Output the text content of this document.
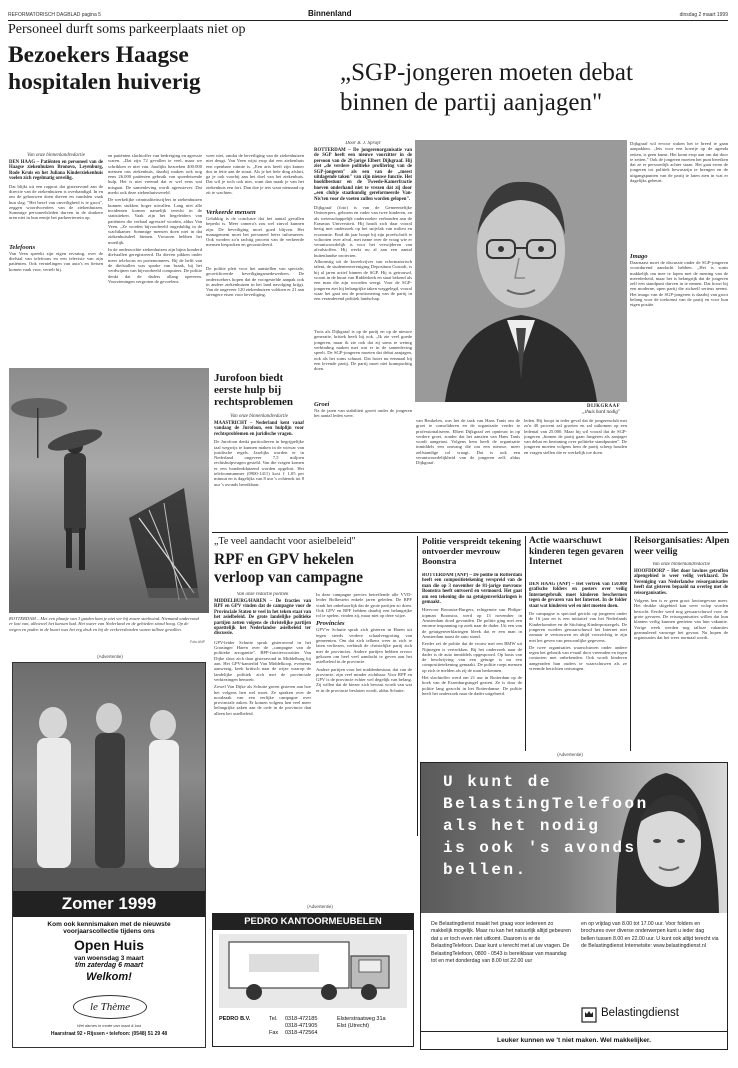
REFORMATORISCH DAGBLAD pagina 5	Binnenland	dinsdag 2 maart 1999
Personeel durft soms parkeerplaats niet op
Bezoekers Haagse
hospitalen huiverig
Van onze binnenlandredactie
DEN HAAG – Patiënten en personeel van de Haagse ziekenhuizen Bronovo, Leyenburg, Rode Kruis en het Juliana Kinderziekenhuis voelen zich regelmatig onveilig.
Dat blijkt uit een rapport dat gisteravond aan de directie van de ziekenhuizen is overhandigd. In en om de gebouwen doen dieven en vandalen vaak hun slag. "Het besef van onveiligheid is te groot", zeggen woordvoerders van de ziekenhuizen. Sommige personeelsleden durven in de donkere uren niet in hun eentje het parkeerterrein op.
Telefoons
Van Veen spreekt zijn eigen ervaring, over de diefstal van telefoons en een televisie van zijn patiënten. Ook vernielingen van auto's en fietsen komen vaak voor, vertelt hij.
en patiënten slachtoffer van bedreiging en agressie waren. „Dat zijn 72 gevallen te veel, maar we schrikken er niet van. Jaarlijks bezoeken 400.000 mensen ons ziekenhuis, daarbij maken ook nog eens 26.000 patiënten gebruik van spoedeisende hulp. Het is niet vreemd dat er wel eens wat misgaat. De samenleving wordt agressiever. Dat merkt ook deze ziekenhuiswereld.
De werkelijke criminaliteitscijfers in ziekenhuizen kunnen stukken hoger uitvallen. Lang niet alle incidenten komen namelijk terecht in de statistieken. Vaak zijn het begeleiders van patiënten die verbaal agressief worden, aldus Van Veen. „Ze worden bijvoorbeeld ongeduldig in de wachtkamer. Sommige mensen doen niet in dat ziekenhuisdeel binnen. Vrouwen hebben het moeilijk.
In de onderzochte ziekenhuizen zijn bijna honderd diefstallen geregistreerd. Da dieven pikken onder meer telefoons en portemonnees. Bij de helft van de diefstallen was sprake van braak, bij het verdwijnen van bijvoorbeeld computers. De politie denkt dat de daders allang opereren. Voorzieningen vergroten de gevoelens.
weer niet, omdat de beveiliging van de ziekenhuizen niet deugt. Van Veen wijst erop dat een ziekenhuis een openbare ruimte is. „Een arts heeft zijn kamer dus in feite aan de straat. Als je het hele ding afsluit, ga je ook voorbij aan het doel van het ziekenhuis. Dat wil je toch ook niet, want dan maak je van het ziekenhuis een fort. Dan doe je iets waar niemand op zit te wachten.
Verkeerde mensen
Gelukkig is de conclusie dat het aantal gevallen beperkt is. Meer camera's zou wel zinvol kunnen zijn. De beveiliging moet goed blijven. Het management moet het personeel beter informeren. Ook worden zo'n tachtig procent van de verkeerde mensen besproken en gecontroleerd.
De politie pleit voor het aanstellen van speciale, gecertificeerde beveiligingsmedewerkers. De onderzoekers hopen dat de voorgestelde aanpak ook in andere ziekenhuizen in het land navolging krijgt. Van de ongeveer 120 ziekenhuizen voldoen er 21 aan strengere eisen voor beveiliging.
ROTTERDAM – Met een plaatje van 3 guiden kom je niet ver bij zware sterkwind. Niemand ondervond er last van, alhoewel het kansen had. Het water van Nederland en de gebieden stond hoog. Op de wegen en paden in de buurt was het erg druk en bij de verkeersborden waren talloze gevallen.
Foto ANP
Jurofoon biedt eerste hulp bij rechtsproblemen
Van onze binnenlandredactie
MAASTRICHT – Nederland kent vanaf vandaag de Jurofoon, een hulplijn voor rechtsproblemen en juridische vragen.
De Jurofoon denkt particulieren in begrijpelijke taal wegwijs te kunnen maken in de wirwar van juridische regels. Jaarlijks worden er in Nederland ongeveer 7,5 miljoen rechtshulpvragen gesteld. Van die vragen komen er een honderdduizend worden opgelost. Het telefoonnummer (0900-1411) kost ƒ 1,05 per minuut en is dagelijks van 8 uur 's ochtends tot 8 uur 's avonds bereikbaar.
„SGP-jongeren moeten debat
binnen de partij aanjagen"
Door B. J. Spruyt
ROTTERDAM – De jongerenorganisatie van de SGP heeft een nieuwe voorzitter in de persoon van de 29-jarige Elbert Dijkgraaf. Hij ziet „de verdere politieke profilering van de SGP-jongeren" als een van de „meest uitdagende taken" van zijn nieuwe functie. Het hoofdbestuur en de Tweede-Kamerfractie hoeven onderhand niet te vrezen dat zij door „een clubje staatkundig gereformeerde Van-Nis'ten voor de voeten zullen worden gelopen".
Dijkgraaf (foto) is van de Gemeentelijke Ontwerpers, geboren en vader van twee kinderen, en als wetenschappelijk onderzoeker verbonden aan de Erasmus Universiteit. Hij houdt zich daar vooral bezig met onderzoek op het snijvlak van milieu en economie. Eind dit jaar hoopt hij zijn proefschrift te voltooien over afval, met name over de vraag wie er verantwoordelijk is voor het verwijderen van afvalstoffen. Hij werkt nu al aan een aantal buitenlandse projecten.
Afkomstig uit de kweekvijver van reformatorisch talent, de studentenvereniging Depositum Custodi, is hij al jaren actief binnen de SGP. Hij is getrouwd, woont in de buurt van Ridderkerk en staat bekend als een man die zijn woorden weegt. Voor de SGP-jongeren ziet hij belangrijke taken weggelegd, vooral waar het gaat om de positionering van de partij in een veranderend politiek landschap.
Trots als Dijkgraaf is op de partij en op de nieuwe generatie, kritiek heeft hij ook. „Ik zie veel goede jongeren, maar ik zie ook dat zij soms te weinig verbinding maken met wat er in de samenleving speelt. De SGP-jongeren moeten dat debat aanjagen, ook als het soms schuurt. Dat hoort nu eenmaal bij een levende partij. De partij moet niet krampachtig doen.
Groei
Na de jaren van stabiliteit groeit onder de jongeren het aantal leden weer.
DIJKGRAAF
„thuis hard nodig"
van Beukelen, was het de taak van Hans Tanis om de groei te consolideren en de organisatie verder te professionaliseren. Elbert Dijkgraaf zet opnieuw in op verdere groei, zonder dat het aanzien van Hans Tanis wordt aangetast. Volgens hem heeft de organisatie inmiddels een omvang die om een nieuwe, meer zelfstandige rol vraagt. Dat is ook een verantwoordelijkheid van de jongeren zelf, aldus Dijkgraaf.
leden. Hij hoopt in ieder geval dat de jongerenclub met zo'n 40 procent zal groeien en zal uitkomen op een ledental van 25.000. Maar hij wil vooral dat de SGP-jongeren „binnen de partij gaan fungeren als aanjager van debat en bezinning over politieke standpunten". De jongeren moeten volgens hem de partij scherp houden en vragen stellen die er werkelijk toe doen.
Dijkgraaf wil ervoor waken het te breed te gaan aanpakken. „Iets voor een koertje op de agenda zetten, is geen kunst. Het komt erop aan om dat door te zetten." Ook de jongeren moeten het punt bereiken dat ze er persoonlijk achter staan. Het gaat erom de jongeren tot politiek bewustzijn te brengen en de uitgangspunten van de partij te laten zien in wat er dagelijks gebeurt.
Imago
Daarnaast moet de discussie onder de SGP-jongeren voortdurend aandacht hebben. „Het is soms makkelijk om mee te lopen met de mening van de meerderheid, maar het is belangrijk dat de jongeren zelf een standpunt durven in te nemen. Dat hoort bij een moderne, open partij die zichzelf serieus neemt. Het imago van de SGP-jongeren is daarbij van groot belang voor de toekomst van de partij en voor hun eigen positie.
„Te veel aandacht voor asielbeleid"
RPF en GPV hekelen
verloop van campagne
Van onze redactie politiek
MIDDELBURG/HAREN – De fracties van RPF en GPV vinden dat de campagne voor de Provinciale Staten te veel in het teken staat van het asielbeleid. De grote landelijke politieke partijen zetten volgens de christelijke partijen opzettelijk het Nederlandse asielbeleid ter discussie.
GPV-leider Schutte sprak gisteravond in het Groninger Haren over de „campagne van de politieke arrogantie". RPF-fractievoorzitter Van Dijke sloot zich daar gisteravond in Middelburg bij aan. Het GPV-kamerlid Van Middelkoop, eveneens aanwezig, keek kritisch naar de wijze waarop de landelijke politiek zich met de provinciale verkiezingen bemoeit.
Zowel Van Dijke als Schutte gaven gisteren aan hoe het volgens hen wel moet. Ze spraken over de noodzaak van een eerlijke campagne over provinciale zaken. Er komen volgens hen veel meer belangrijke zaken aan de orde in de provincie dan alleen het asielbeleid.
In deze campagne precies betreffende alle VVD-leider Bolkestein enkele jaren geleden. De RPF vindt het onbehoorlijk dat de grote partijen zo doen. Ook GPV en RPF hebben daarbij een belangrijke rol te spelen, vinden zij, maar niet op deze wijze.
Provincies
GPV'er Schutte sprak zich gisteren in Haren uit tegen steeds verdere schaalvergroting van gemeenten. Om dat zich telkens weer in zich te laten verliezen, verbindt de christelijke partij zich met de provincies. Andere partijen hebben ervoor gekozen om heel veel aandacht te geven aan het asielbeleid in de provincie.
Andere partijen voor het middenbestuur, dat van de provincie, zijn veel minder zichtbaar. Voor RPF en GPV is de provincie echter wel degelijk van belang. Zij willen dat de kiezer zich bewust wordt van wat er in de provincie besloten wordt, aldus Schutte.
Politie verspreidt tekening ontvoerder mevrouw Boonstra
ROTTERDAM (ANP) – De politie in Rotterdam heeft een compositietekening verspreid van de man die op 3 november de 81-jarige mevrouw Boonstra heeft ontvoerd en vermoord. Het gaat om een tekening die na getuigenverklaringen is gemaakt.
Hiervoor Boonstra-Burgers, echtgenote van Philips-topman Boonstra, werd op 13 november in Amsterdam dood gevonden. De politie ging met een enorme inspanning op zoek naar de dader. Uit een van de getuigenverklaringen bleek dat er een man in Amsterdam naast de auto stond.
Eerder zei de politie dat de vrouw met een BMW uit Nijmegen is vertrokken. Bij het onderzoek naar de dader is de auto inmiddels opgespoord. Op basis van de beschrijving van een getuige is nu een compositietekening gemaakt. De politie roept mensen op zich te melden als zij de man herkennen.
Het slachtoffer werd om 21 uur in Rotterdam op de hoek van de Essenburgsingel gezien. Ze is door de politie lang gezocht in het Rotterdamse. De politie heeft het onderzoek naar de dader uitgebreid.
Actie waarschuwt kinderen tegen gevaren Internet
DEN HAAG (ANP) – Het vertrek van 150.000 grafische folders en posters over veilig Internetgebruik moet kinderen beschermen tegen de gevaren van het Internet. In de folder staat wat kinderen wel en niet moeten doen.
De campagne is speciaal gericht op jongeren onder de 16 jaar en is een initiatief van het Nederlands Kinderkomitee en de Stichting Kinderpostzegels. De jongeren worden gewaarschuwd het Internet niet zomaar te vertrouwen en altijd voorzichtig te zijn met het geven van persoonlijke gegevens.
De twee organisaties waarschuwen onder andere tegen het gebruik van e-mail door vreemden en tegen contacten met onbekenden. Ook wordt kinderen aangeraden hun ouders te waarschuwen als ze vreemde berichten ontvangen.
Reisorganisaties: Alpen weer veilig
Van onze binnenlandredactie
HOOFDDORP – Het door lawines getroffen alpengebied is weer veilig verklaard. De Vereniging van Nederlandse reisorganisaties heeft dat gisteren bepaald na overleg met de reisorganisaties.
Volgens hen is er geen groot lawinegevaar meer. Het drukke skigebied kan weer volop worden bezocht. Eerder werd nog gewaarschuwd voor de grote gevaren. De reisorganisaties willen dat hun klanten veilig kunnen genieten van hun vakantie. Vorige week werden nog talloze vakanties geannuleerd vanwege het gevaar. Nu hopen de organisaties dat het weer normaal wordt.
(Advertentie)
Zomer 1999
Kom ook kennismaken met de nieuwste
voorjaarscollectie tijdens ons
Open Huis
van woensdag 3 maart
t/m zaterdag 6 maart
Welkom!
le Thème
Wel dames in mode van maat & lust
Haarstraat 92 • Rijssen • telefoon: (0548) 51 29 48
(Advertentie)
PEDRO KANTOORMEUBELEN
PEDRO B.V.	Tel. 0318-472185	Elsterstraatweg 31a
0318-471905	Elst (Utrecht)
Fax 0318-472564
(Advertentie)
U kunt de
BelastingTelefoon
als het nodig
is ook 's avonds
bellen.
De Belastingdienst maakt het graag voor iedereen zo makkelijk mogelijk. Maar nu kan het natuurlijk altijd gebeuren dat u er toch even niet uitkomt. Daarom is er de BelastingTelefoon. Daar kunt u terecht met al uw vragen. De BelastingTelefoon, 0800 - 0543 is bereikbaar van maandag tot en met donderdag van 8.00 tot 22.00 uur
en op vrijdag van 8.00 tot 17.00 uur. Voor folders en brochures over diverse onderwerpen kunt u ieder dag bellen tussen 8.00 en 22.00 uur. U kunt ook altijd terecht via de Belastingdienst Internetsite: www.belastingdienst.nl
Belastingdienst
Leuker kunnen we 't niet maken. Wel makkelijker.
